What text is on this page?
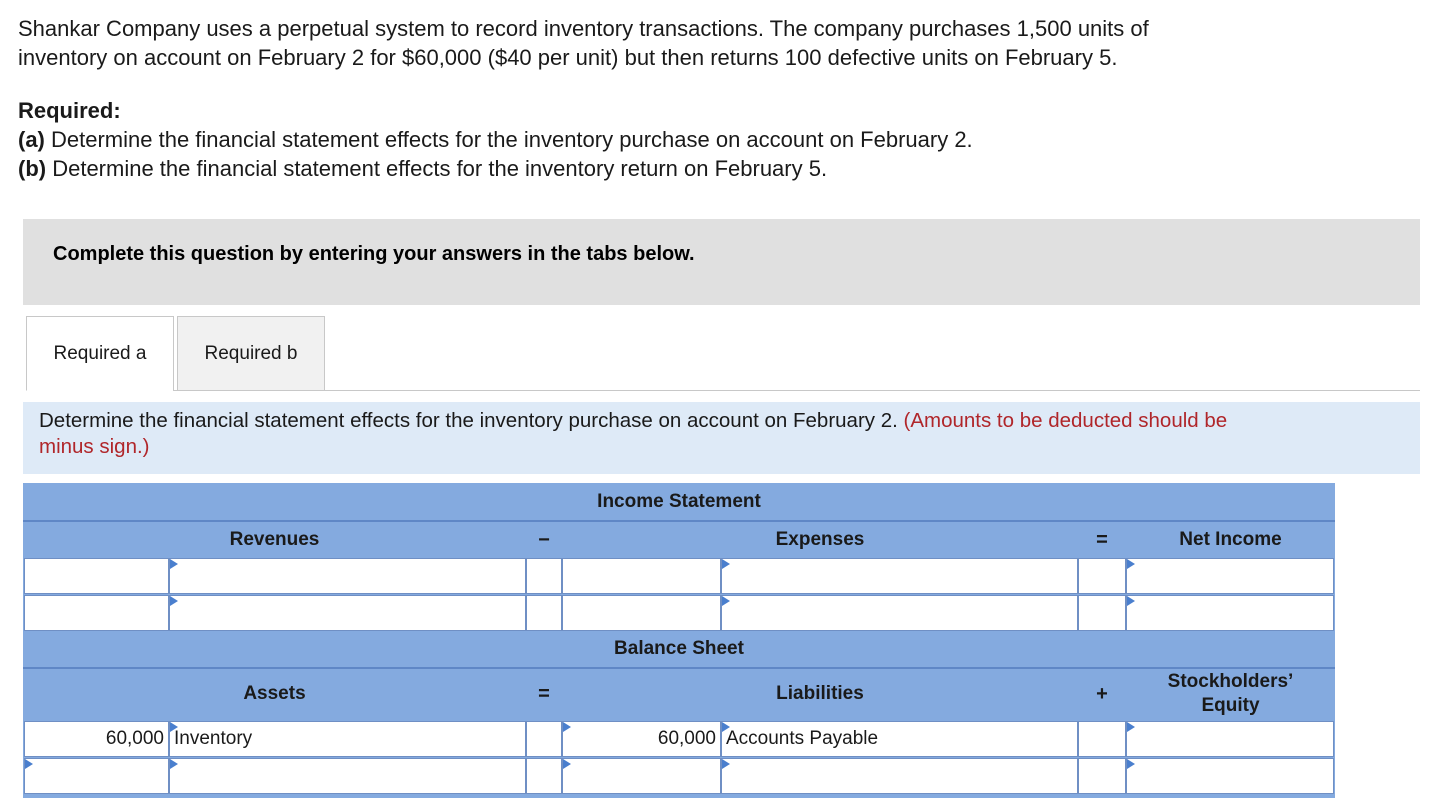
Shankar Company uses a perpetual system to record inventory transactions. The company purchases 1,500 units of

inventory on account on February 2 for $60,000 ($40 per unit) but then returns 100 defective units on February 5.

Required:
(a) Determine the financial statement effects for the inventory purchase on account on February 2.
(b) Determine the financial statement effects for the inventory return on February 5.
Complete this question by entering your answers in the tabs below.
Required a	Required b
Determine the financial statement effects for the inventory purchase on account on February 2. (Amounts to be deducted should be
minus sign.)
Income Statement
Revenues	−	Expenses	=	Net Income
Balance Sheet
Assets	=	Liabilities	+
Stockholders’
Equity
60,000 Inventory	60,000 Accounts Payable
